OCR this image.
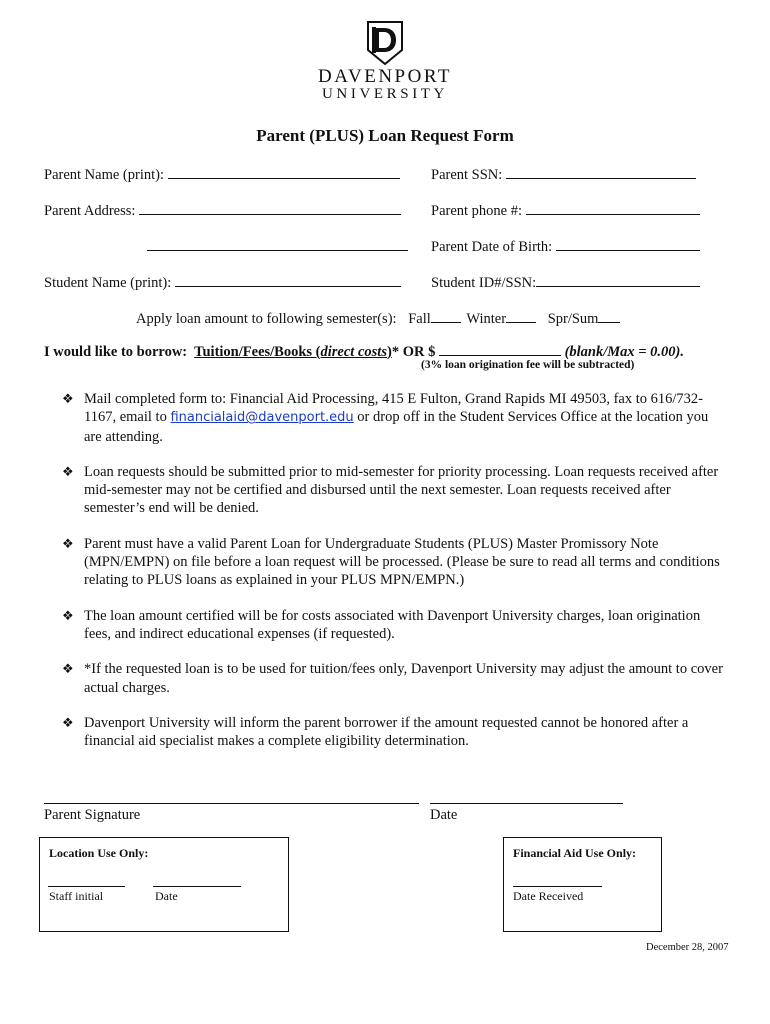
DAVENPORT
UNIVERSITY
Parent (PLUS) Loan Request Form
Parent Name (print):	Parent SSN:
Parent Address:	Parent phone #:
Parent Date of Birth:
Student Name (print):	Student ID#/SSN:
Apply loan amount to following semester(s): Fall Winter	Spr/Sum
I would like to borrow: Tuition/Fees/Books (direct costs)* OR $	(blank/Max = 0.00).
(3% loan origination fee will be subtracted)
❖ Mail completed form to: Financial Aid Processing, 415 E Fulton, Grand Rapids MI 49503, fax to 616/732-1167, email to financialaid@davenport.edu or drop off in the Student Services Office at the location you are attending.
❖ Loan requests should be submitted prior to mid-semester for priority processing. Loan requests received after mid-semester may not be certified and disbursed until the next semester. Loan requests received after semester’s end will be denied.
❖ Parent must have a valid Parent Loan for Undergraduate Students (PLUS) Master Promissory Note (MPN/EMPN) on file before a loan request will be processed. (Please be sure to read all terms and conditions relating to PLUS loans as explained in your PLUS MPN/EMPN.)
❖ The loan amount certified will be for costs associated with Davenport University charges, loan origination fees, and indirect educational expenses (if requested).
❖ *If the requested loan is to be used for tuition/fees only, Davenport University may adjust the amount to cover actual charges.
❖ Davenport University will inform the parent borrower if the amount requested cannot be honored after a financial aid specialist makes a complete eligibility determination.
Parent Signature	Date
Location Use Only:
Staff initial	Date
Financial Aid Use Only:
Date Received
December 28, 2007
